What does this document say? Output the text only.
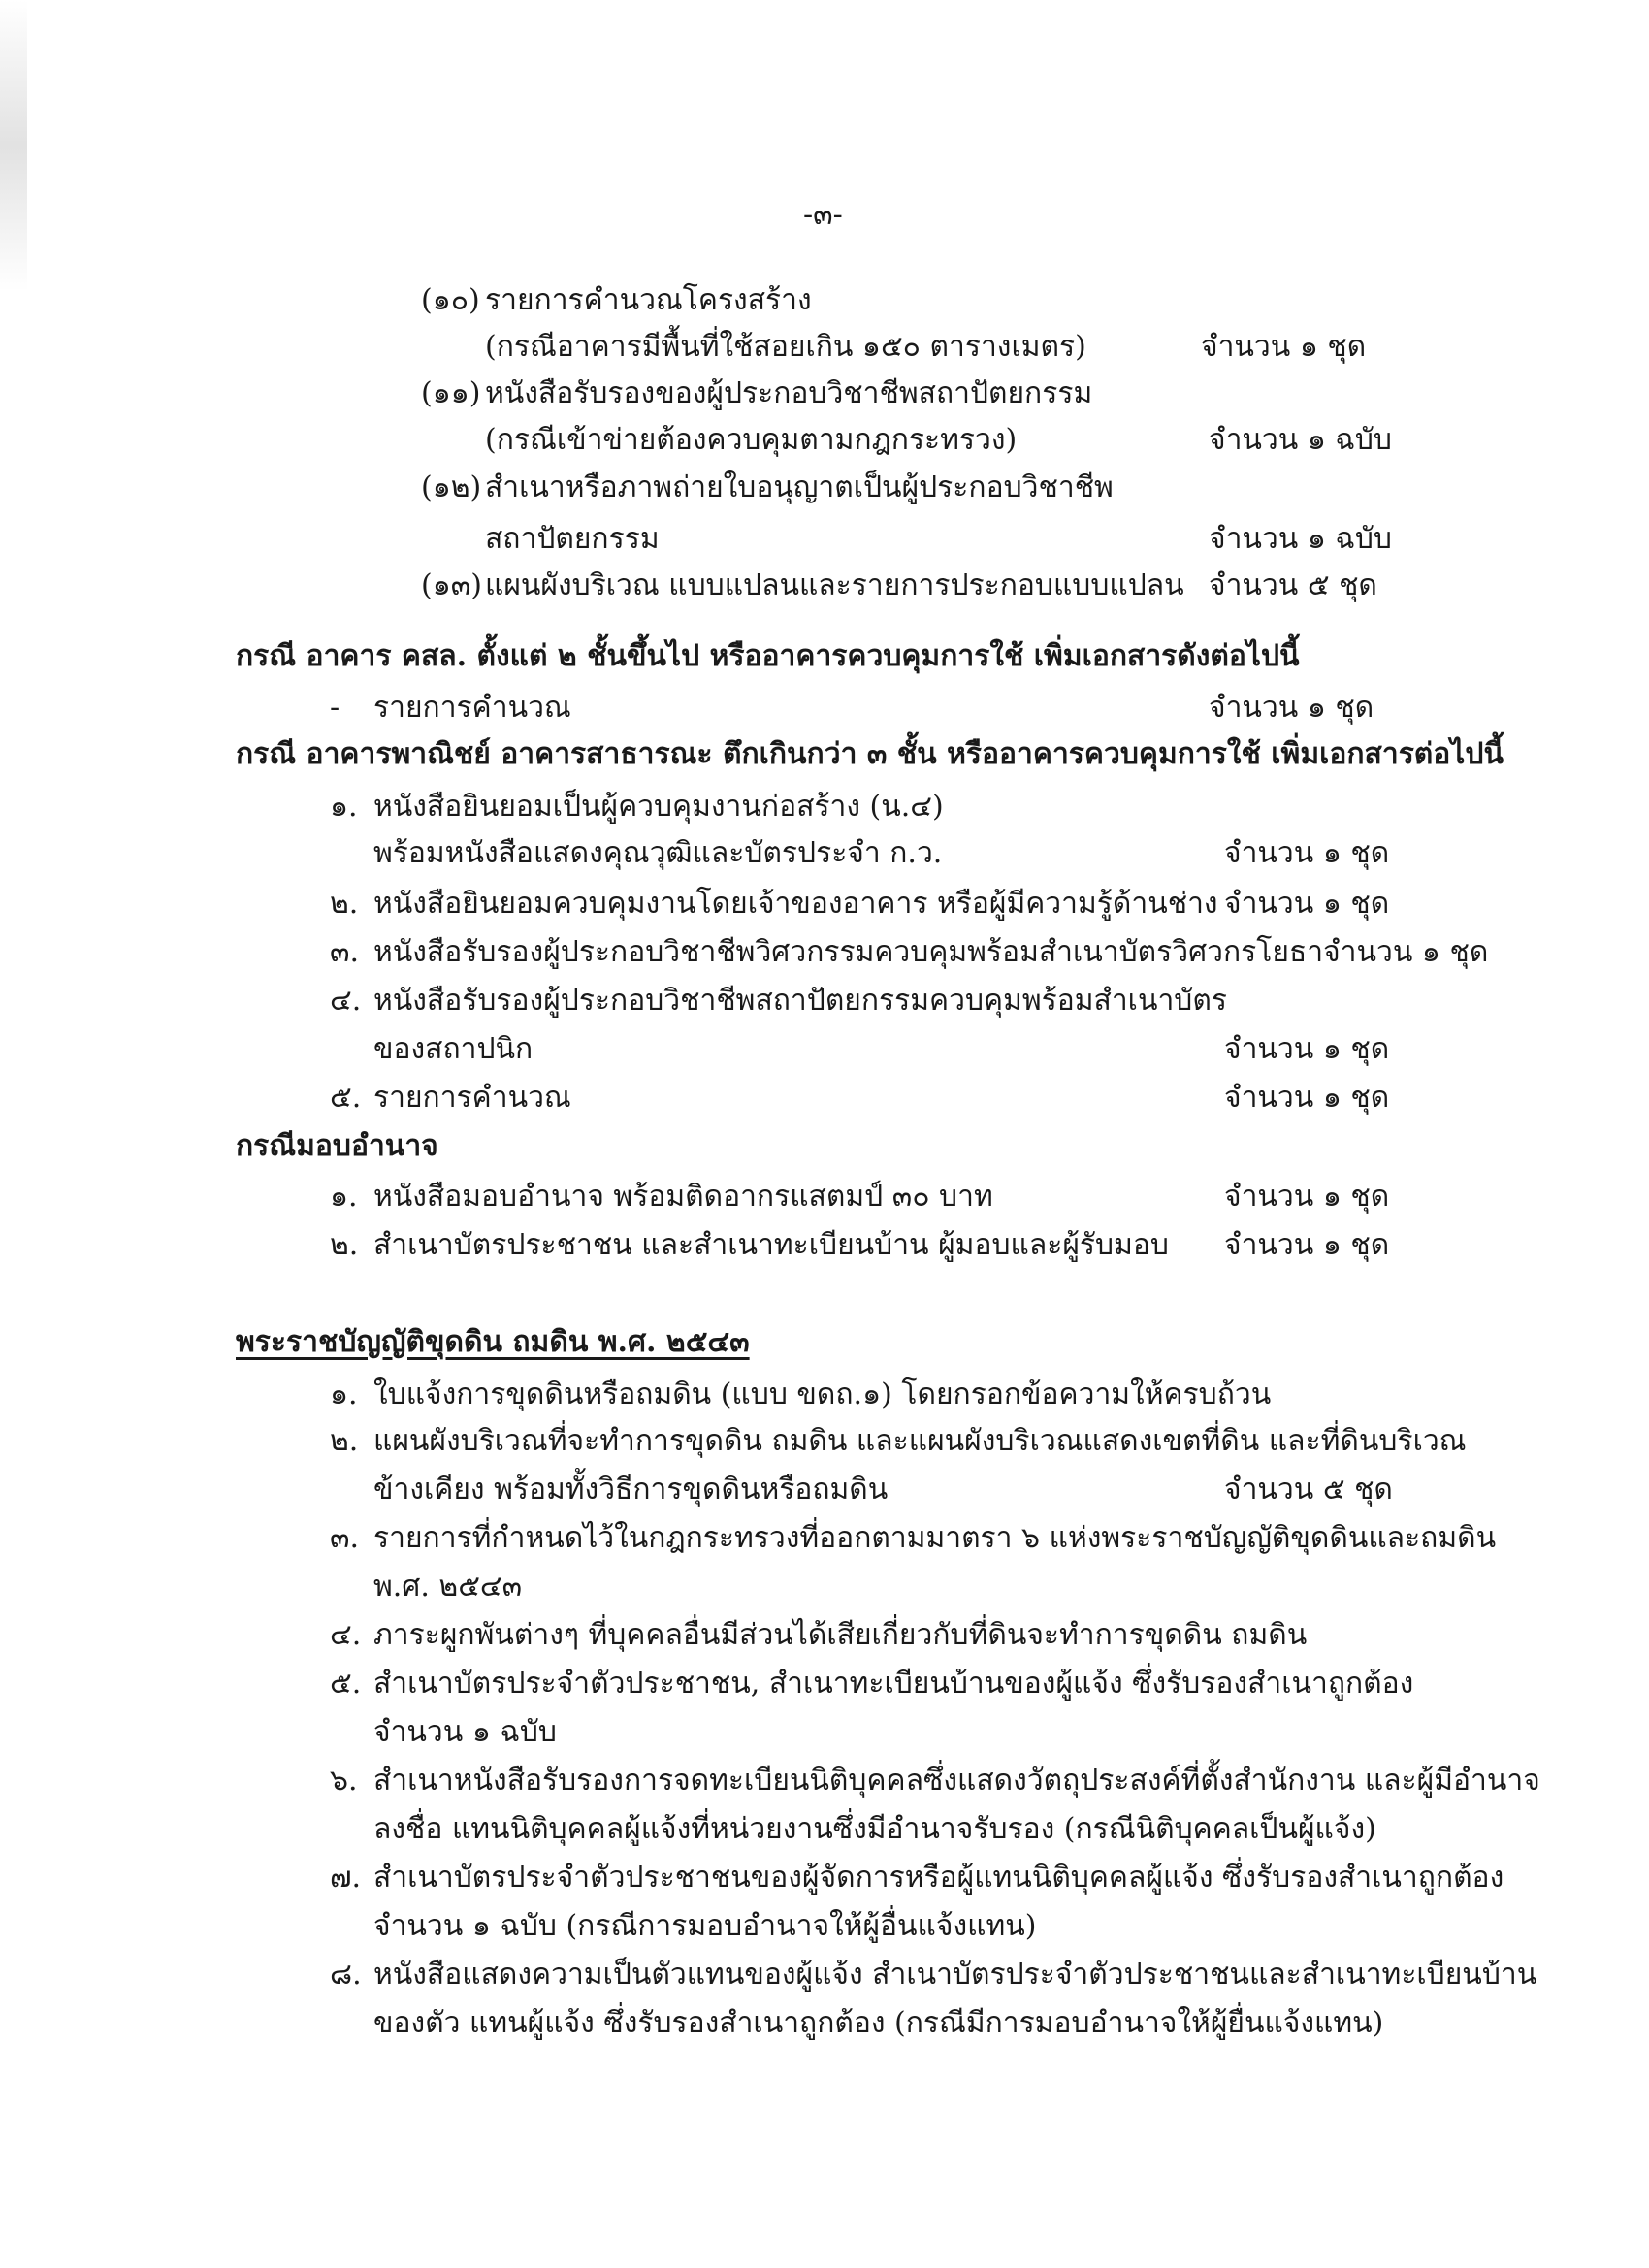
-๓-
(๑๐) รายการคำนวณโครงสร้าง
(กรณีอาคารมีพื้นที่ใช้สอยเกิน ๑๕๐ ตารางเมตร)	จำนวน ๑ ชุด
(๑๑) หนังสือรับรองของผู้ประกอบวิชาชีพสถาปัตยกรรม
(กรณีเข้าข่ายต้องควบคุมตามกฎกระทรวง)	จำนวน ๑ ฉบับ
(๑๒) สำเนาหรือภาพถ่ายใบอนุญาตเป็นผู้ประกอบวิชาชีพ
สถาปัตยกรรม	จำนวน ๑ ฉบับ
(๑๓) แผนผังบริเวณ แบบแปลนและรายการประกอบแบบแปลน จำนวน ๕ ชุด
กรณี อาคาร คสล. ตั้งแต่ ๒ ชั้นขึ้นไป หรืออาคารควบคุมการใช้ เพิ่มเอกสารดังต่อไปนี้
- รายการคำนวณ	จำนวน ๑ ชุด
กรณี อาคารพาณิชย์ อาคารสาธารณะ ตึกเกินกว่า ๓ ชั้น หรืออาคารควบคุมการใช้ เพิ่มเอกสารต่อไปนี้
๑. หนังสือยินยอมเป็นผู้ควบคุมงานก่อสร้าง (น.๔)
พร้อมหนังสือแสดงคุณวุฒิและบัตรประจำ ก.ว.	จำนวน ๑ ชุด
๒. หนังสือยินยอมควบคุมงานโดยเจ้าของอาคาร หรือผู้มีความรู้ด้านช่าง จำนวน ๑ ชุด
๓. หนังสือรับรองผู้ประกอบวิชาชีพวิศวกรรมควบคุมพร้อมสำเนาบัตรวิศวกรโยธาจำนวน ๑ ชุด
๔. หนังสือรับรองผู้ประกอบวิชาชีพสถาปัตยกรรมควบคุมพร้อมสำเนาบัตร
ของสถาปนิก	จำนวน ๑ ชุด
๕. รายการคำนวณ	จำนวน ๑ ชุด
กรณีมอบอำนาจ
๑. หนังสือมอบอำนาจ พร้อมติดอากรแสตมป์ ๓๐ บาท	จำนวน ๑ ชุด
๒. สำเนาบัตรประชาชน และสำเนาทะเบียนบ้าน ผู้มอบและผู้รับมอบ จำนวน ๑ ชุด
พระราชบัญญัติขุดดิน ถมดิน พ.ศ. ๒๕๔๓
๑. ใบแจ้งการขุดดินหรือถมดิน (แบบ ขดถ.๑) โดยกรอกข้อความให้ครบถ้วน
๒. แผนผังบริเวณที่จะทำการขุดดิน ถมดิน และแผนผังบริเวณแสดงเขตที่ดิน และที่ดินบริเวณ
ข้างเคียง พร้อมทั้งวิธีการขุดดินหรือถมดิน	จำนวน ๕ ชุด
๓. รายการที่กำหนดไว้ในกฎกระทรวงที่ออกตามมาตรา ๖ แห่งพระราชบัญญัติขุดดินและถมดิน
พ.ศ. ๒๕๔๓
๔. ภาระผูกพันต่างๆ ที่บุคคลอื่นมีส่วนได้เสียเกี่ยวกับที่ดินจะทำการขุดดิน ถมดิน
๕. สำเนาบัตรประจำตัวประชาชน, สำเนาทะเบียนบ้านของผู้แจ้ง ซึ่งรับรองสำเนาถูกต้อง
จำนวน ๑ ฉบับ
๖. สำเนาหนังสือรับรองการจดทะเบียนนิติบุคคลซึ่งแสดงวัตถุประสงค์ที่ตั้งสำนักงาน และผู้มีอำนาจ
ลงชื่อ แทนนิติบุคคลผู้แจ้งที่หน่วยงานซึ่งมีอำนาจรับรอง (กรณีนิติบุคคลเป็นผู้แจ้ง)
๗. สำเนาบัตรประจำตัวประชาชนของผู้จัดการหรือผู้แทนนิติบุคคลผู้แจ้ง ซึ่งรับรองสำเนาถูกต้อง
จำนวน ๑ ฉบับ (กรณีการมอบอำนาจให้ผู้อื่นแจ้งแทน)
๘. หนังสือแสดงความเป็นตัวแทนของผู้แจ้ง สำเนาบัตรประจำตัวประชาชนและสำเนาทะเบียนบ้าน
ของตัว แทนผู้แจ้ง ซึ่งรับรองสำเนาถูกต้อง (กรณีมีการมอบอำนาจให้ผู้ยื่นแจ้งแทน)
